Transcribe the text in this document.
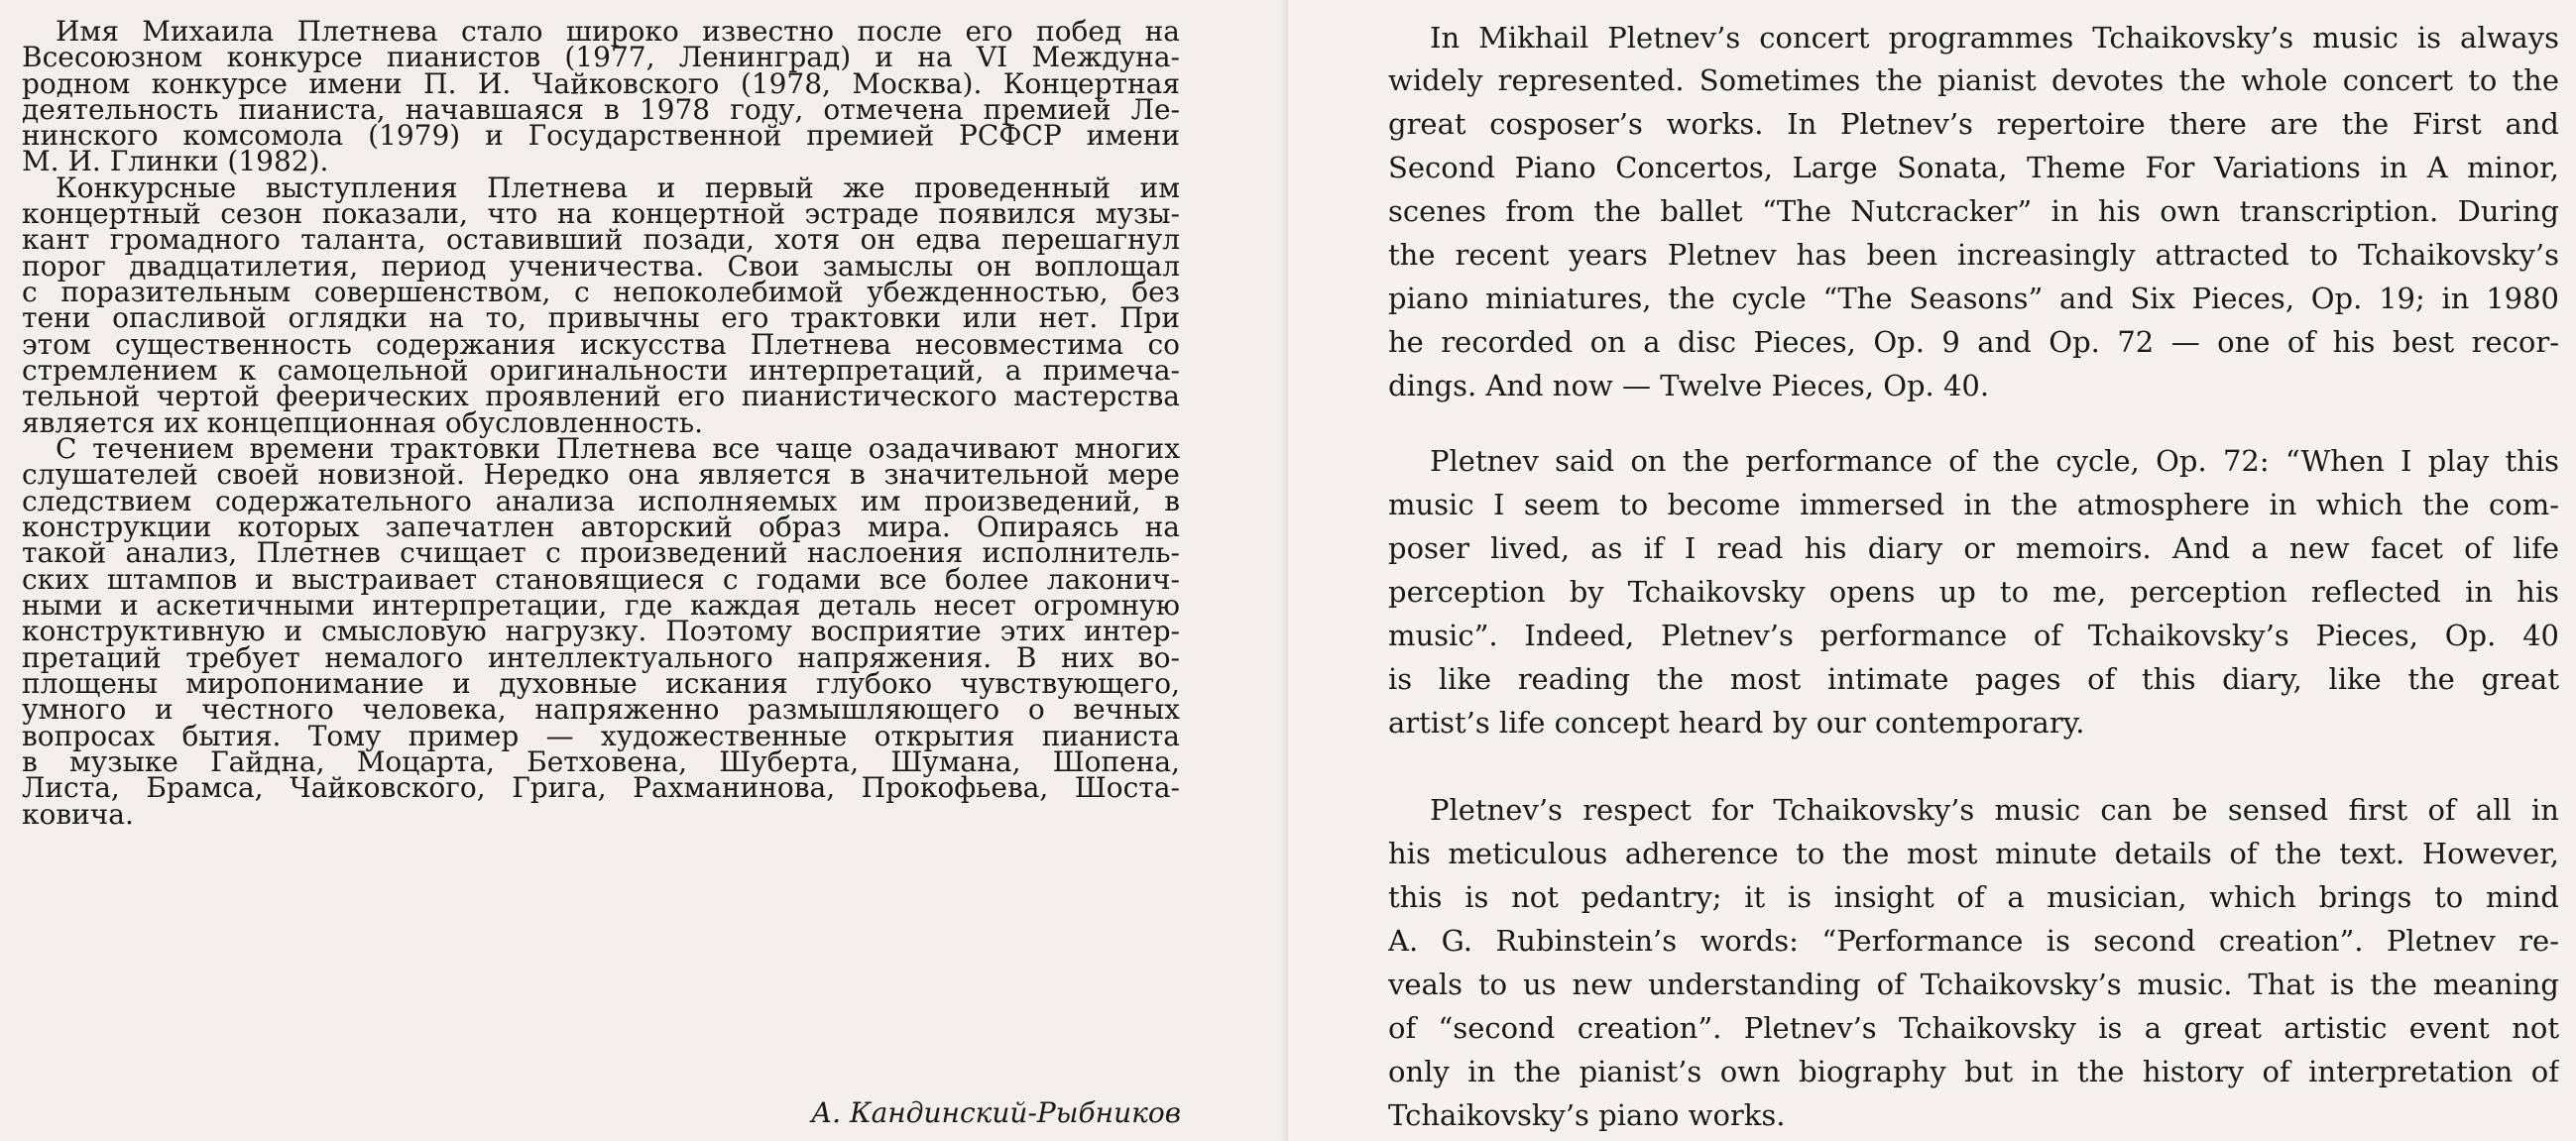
Имя Михаила Плетнева стало широко известно после его побед на
Всесоюзном конкурсе пианистов (1977, Ленинград) и на VI Междуна-
родном конкурсе имени П. И. Чайковского (1978, Москва). Концертная
деятельность пианиста, начавшаяся в 1978 году, отмечена премией Ле-
нинского комсомола (1979) и Государственной премией РСФСР имени
М. И. Глинки (1982).
Конкурсные выступления Плетнева и первый же проведенный им
концертный сезон показали, что на концертной эстраде появился музы-
кант громадного таланта, оставивший позади, хотя он едва перешагнул
порог двадцатилетия, период ученичества. Свои замыслы он воплощал
с поразительным совершенством, с непоколебимой убежденностью, без
тени опасливой оглядки на то, привычны его трактовки или нет. При
этом существенность содержания искусства Плетнева несовместима со
стремлением к самоцельной оригинальности интерпретаций, а примеча-
тельной чертой феерических проявлений его пианистического мастерства
является их концепционная обусловленность.
С течением времени трактовки Плетнева все чаще озадачивают многих
слушателей своей новизной. Нередко она является в значительной мере
следствием содержательного анализа исполняемых им произведений, в
конструкции которых запечатлен авторский образ мира. Опираясь на
такой анализ, Плетнев счищает с произведений наслоения исполнитель-
ских штампов и выстраивает становящиеся с годами все более лаконич-
ными и аскетичными интерпретации, где каждая деталь несет огромную
конструктивную и смысловую нагрузку. Поэтому восприятие этих интер-
претаций требует немалого интеллектуального напряжения. В них во-
площены миропонимание и духовные искания глубоко чувствующего,
умного и честного человека, напряженно размышляющего о вечных
вопросах бытия. Тому пример — художественные открытия пианиста
в музыке Гайдна, Моцарта, Бетховена, Шуберта, Шумана, Шопена,
Листа, Брамса, Чайковского, Грига, Рахманинова, Прокофьева, Шоста-
ковича.
А. Кандинский-Рыбников
In Mikhail Pletnev’s concert programmes Tchaikovsky’s music is always
widely represented. Sometimes the pianist devotes the whole concert to the
great cosposer’s works. In Pletnev’s repertoire there are the First and
Second Piano Concertos, Large Sonata, Theme For Variations in A minor,
scenes from the ballet “The Nutcracker” in his own transcription. During
the recent years Pletnev has been increasingly attracted to Tchaikovsky’s
piano miniatures, the cycle “The Seasons” and Six Pieces, Op. 19; in 1980
he recorded on a disc Pieces, Op. 9 and Op. 72 — one of his best recor-
dings. And now — Twelve Pieces, Op. 40.
Pletnev said on the performance of the cycle, Op. 72: “When I play this
music I seem to become immersed in the atmosphere in which the com-
poser lived, as if I read his diary or memoirs. And a new facet of life
perception by Tchaikovsky opens up to me, perception reflected in his
music”. Indeed, Pletnev’s performance of Tchaikovsky’s Pieces, Op. 40
is like reading the most intimate pages of this diary, like the great
artist’s life concept heard by our contemporary.
Pletnev’s respect for Tchaikovsky’s music can be sensed first of all in
his meticulous adherence to the most minute details of the text. However,
this is not pedantry; it is insight of a musician, which brings to mind
A. G. Rubinstein’s words: “Performance is second creation”. Pletnev re-
veals to us new understanding of Tchaikovsky’s music. That is the meaning
of “second creation”. Pletnev’s Tchaikovsky is a great artistic event not
only in the pianist’s own biography but in the history of interpretation of
Tchaikovsky’s piano works.
